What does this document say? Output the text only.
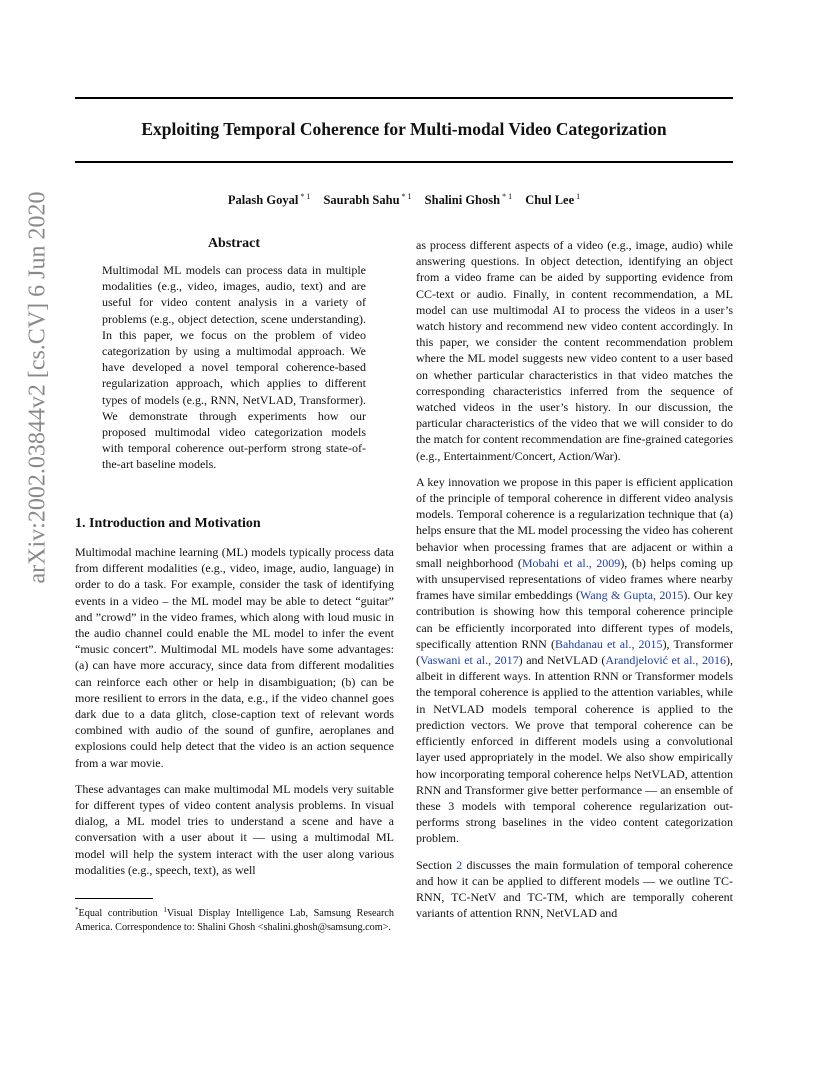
arXiv:2002.03844v2 [cs.CV] 6 Jun 2020
Exploiting Temporal Coherence for Multi-modal Video Categorization
Palash Goyal $^{* 1}$ Saurabh Sahu $^{* 1}$ Shalini Ghosh $^{* 1}$ Chul Lee $^1$
Abstract
Multimodal ML models can process data in multiple modalities (e.g., video, images, audio, text) and are useful for video content analysis in a variety of problems (e.g., object detection, scene understanding). In this paper, we focus on the problem of video categorization by using a multimodal approach. We have developed a novel temporal coherence-based regularization approach, which applies to different types of models (e.g., RNN, NetVLAD, Transformer). We demonstrate through experiments how our proposed multimodal video categorization models with temporal coherence out-perform strong state-of-the-art baseline models.
1. Introduction and Motivation

Multimodal machine learning (ML) models typically process data from different modalities (e.g., video, image, audio, language) in order to do a task. For example, consider the task of identifying events in a video – the ML model may be able to detect “guitar” and ”crowd” in the video frames, which along with loud music in the audio channel could enable the ML model to infer the event “music concert”. Multimodal ML models have some advantages: (a) can have more accuracy, since data from different modalities can reinforce each other or help in disambiguation; (b) can be more resilient to errors in the data, e.g., if the video channel goes dark due to a data glitch, close-caption text of relevant words combined with audio of the sound of gunfire, aeroplanes and explosions could help detect that the video is an action sequence from a war movie.

These advantages can make multimodal ML models very suitable for different types of video content analysis problems. In visual dialog, a ML model tries to understand a scene and have a conversation with a user about it — using a multimodal ML model will help the system interact with the user along various modalities (e.g., speech, text), as well

*Equal contribution $^1$Visual Display Intelligence Lab, Samsung Research America. Correspondence to: Shalini Ghosh <shalini.ghosh@samsung.com>.

as process different aspects of a video (e.g., image, audio) while answering questions. In object detection, identifying an object from a video frame can be aided by supporting evidence from CC-text or audio. Finally, in content recommendation, a ML model can use multimodal AI to process the videos in a user’s watch history and recommend new video content accordingly. In this paper, we consider the content recommendation problem where the ML model suggests new video content to a user based on whether particular characteristics in that video matches the corresponding characteristics inferred from the sequence of watched videos in the user’s history. In our discussion, the particular characteristics of the video that we will consider to do the match for content recommendation are fine-grained categories (e.g., Entertainment/Concert, Action/War).

A key innovation we propose in this paper is efficient application of the principle of temporal coherence in different video analysis models. Temporal coherence is a regularization technique that (a) helps ensure that the ML model processing the video has coherent behavior when processing frames that are adjacent or within a small neighborhood (Mobahi et al., 2009), (b) helps coming up with unsupervised representations of video frames where nearby frames have similar embeddings (Wang & Gupta, 2015). Our key contribution is showing how this temporal coherence principle can be efficiently incorporated into different types of models, specifically attention RNN (Bahdanau et al., 2015), Transformer (Vaswani et al., 2017) and NetVLAD (Arandjelović et al., 2016), albeit in different ways. In attention RNN or Transformer models the temporal coherence is applied to the attention variables, while in NetVLAD models temporal coherence is applied to the prediction vectors. We prove that temporal coherence can be efficiently enforced in different models using a convolutional layer used appropriately in the model. We also show empirically how incorporating temporal coherence helps NetVLAD, attention RNN and Transformer give better performance — an ensemble of these 3 models with temporal coherence regularization out-performs strong baselines in the video content categorization problem.

Section 2 discusses the main formulation of temporal coherence and how it can be applied to different models — we outline TC-RNN, TC-NetV and TC-TM, which are temporally coherent variants of attention RNN, NetVLAD and
